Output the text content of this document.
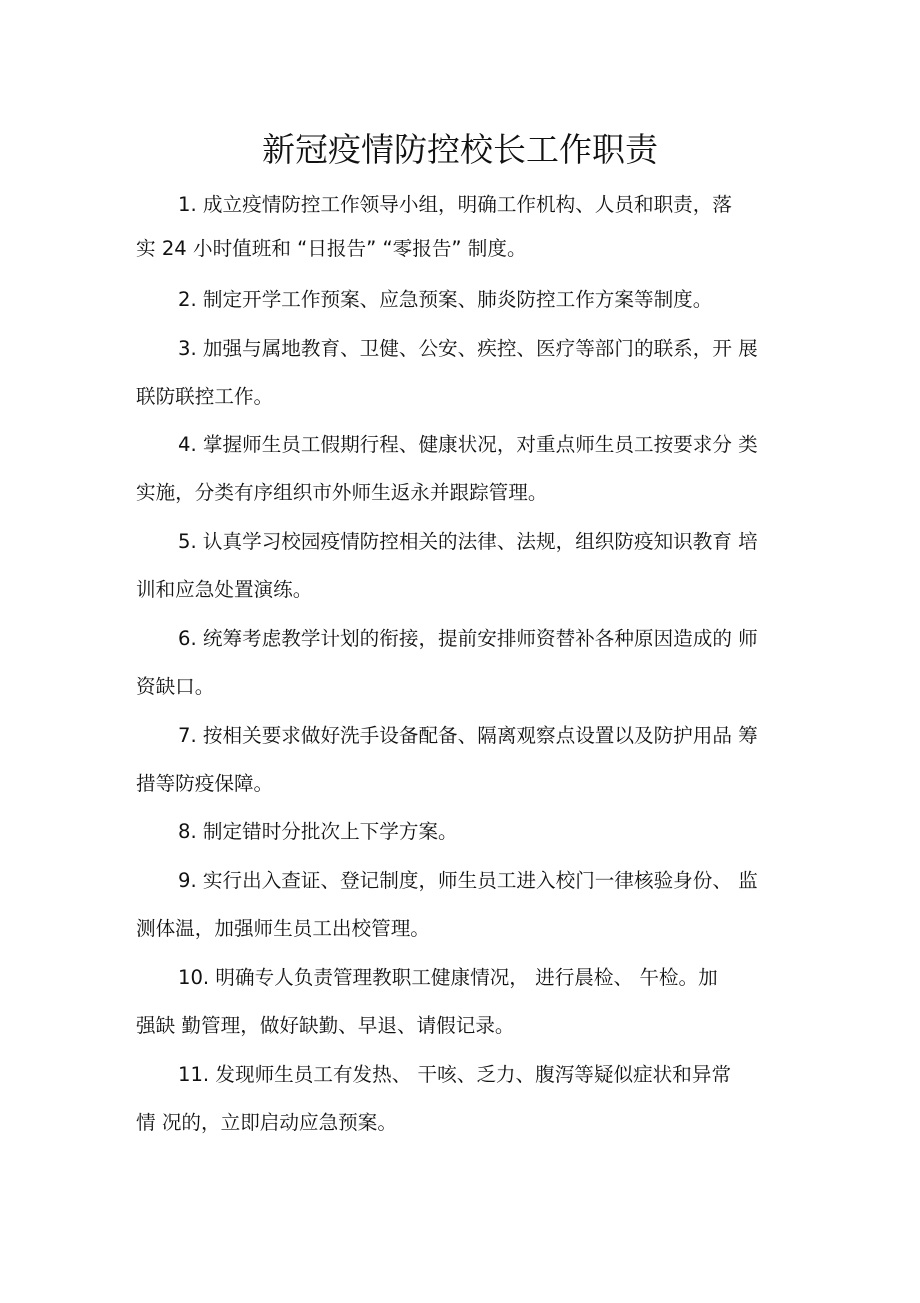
新冠疫情防控校长工作职责
1. 成立疫情防控工作领导小组，明确工作机构、人员和职责，落
实 24 小时值班和 “日报告” “零报告” 制度。
2. 制定开学工作预案、应急预案、肺炎防控工作方案等制度。
3. 加强与属地教育、卫健、公安、疾控、医疗等部门的联系，开 展
联防联控工作。
4. 掌握师生员工假期行程、健康状况，对重点师生员工按要求分 类
实施，分类有序组织市外师生返永并跟踪管理。
5. 认真学习校园疫情防控相关的法律、法规，组织防疫知识教育 培
训和应急处置演练。
6. 统筹考虑教学计划的衔接，提前安排师资替补各种原因造成的 师
资缺口。
7. 按相关要求做好洗手设备配备、隔离观察点设置以及防护用品 筹
措等防疫保障。
8. 制定错时分批次上下学方案。
9. 实行出入查证、登记制度，师生员工进入校门一律核验身份、 监
测体温，加强师生员工出校管理。
10. 明确专人负责管理教职工健康情况， 进行晨检、 午检。加
强缺 勤管理，做好缺勤、早退、请假记录。
11. 发现师生员工有发热、 干咳、乏力、腹泻等疑似症状和异常
情 况的，立即启动应急预案。
